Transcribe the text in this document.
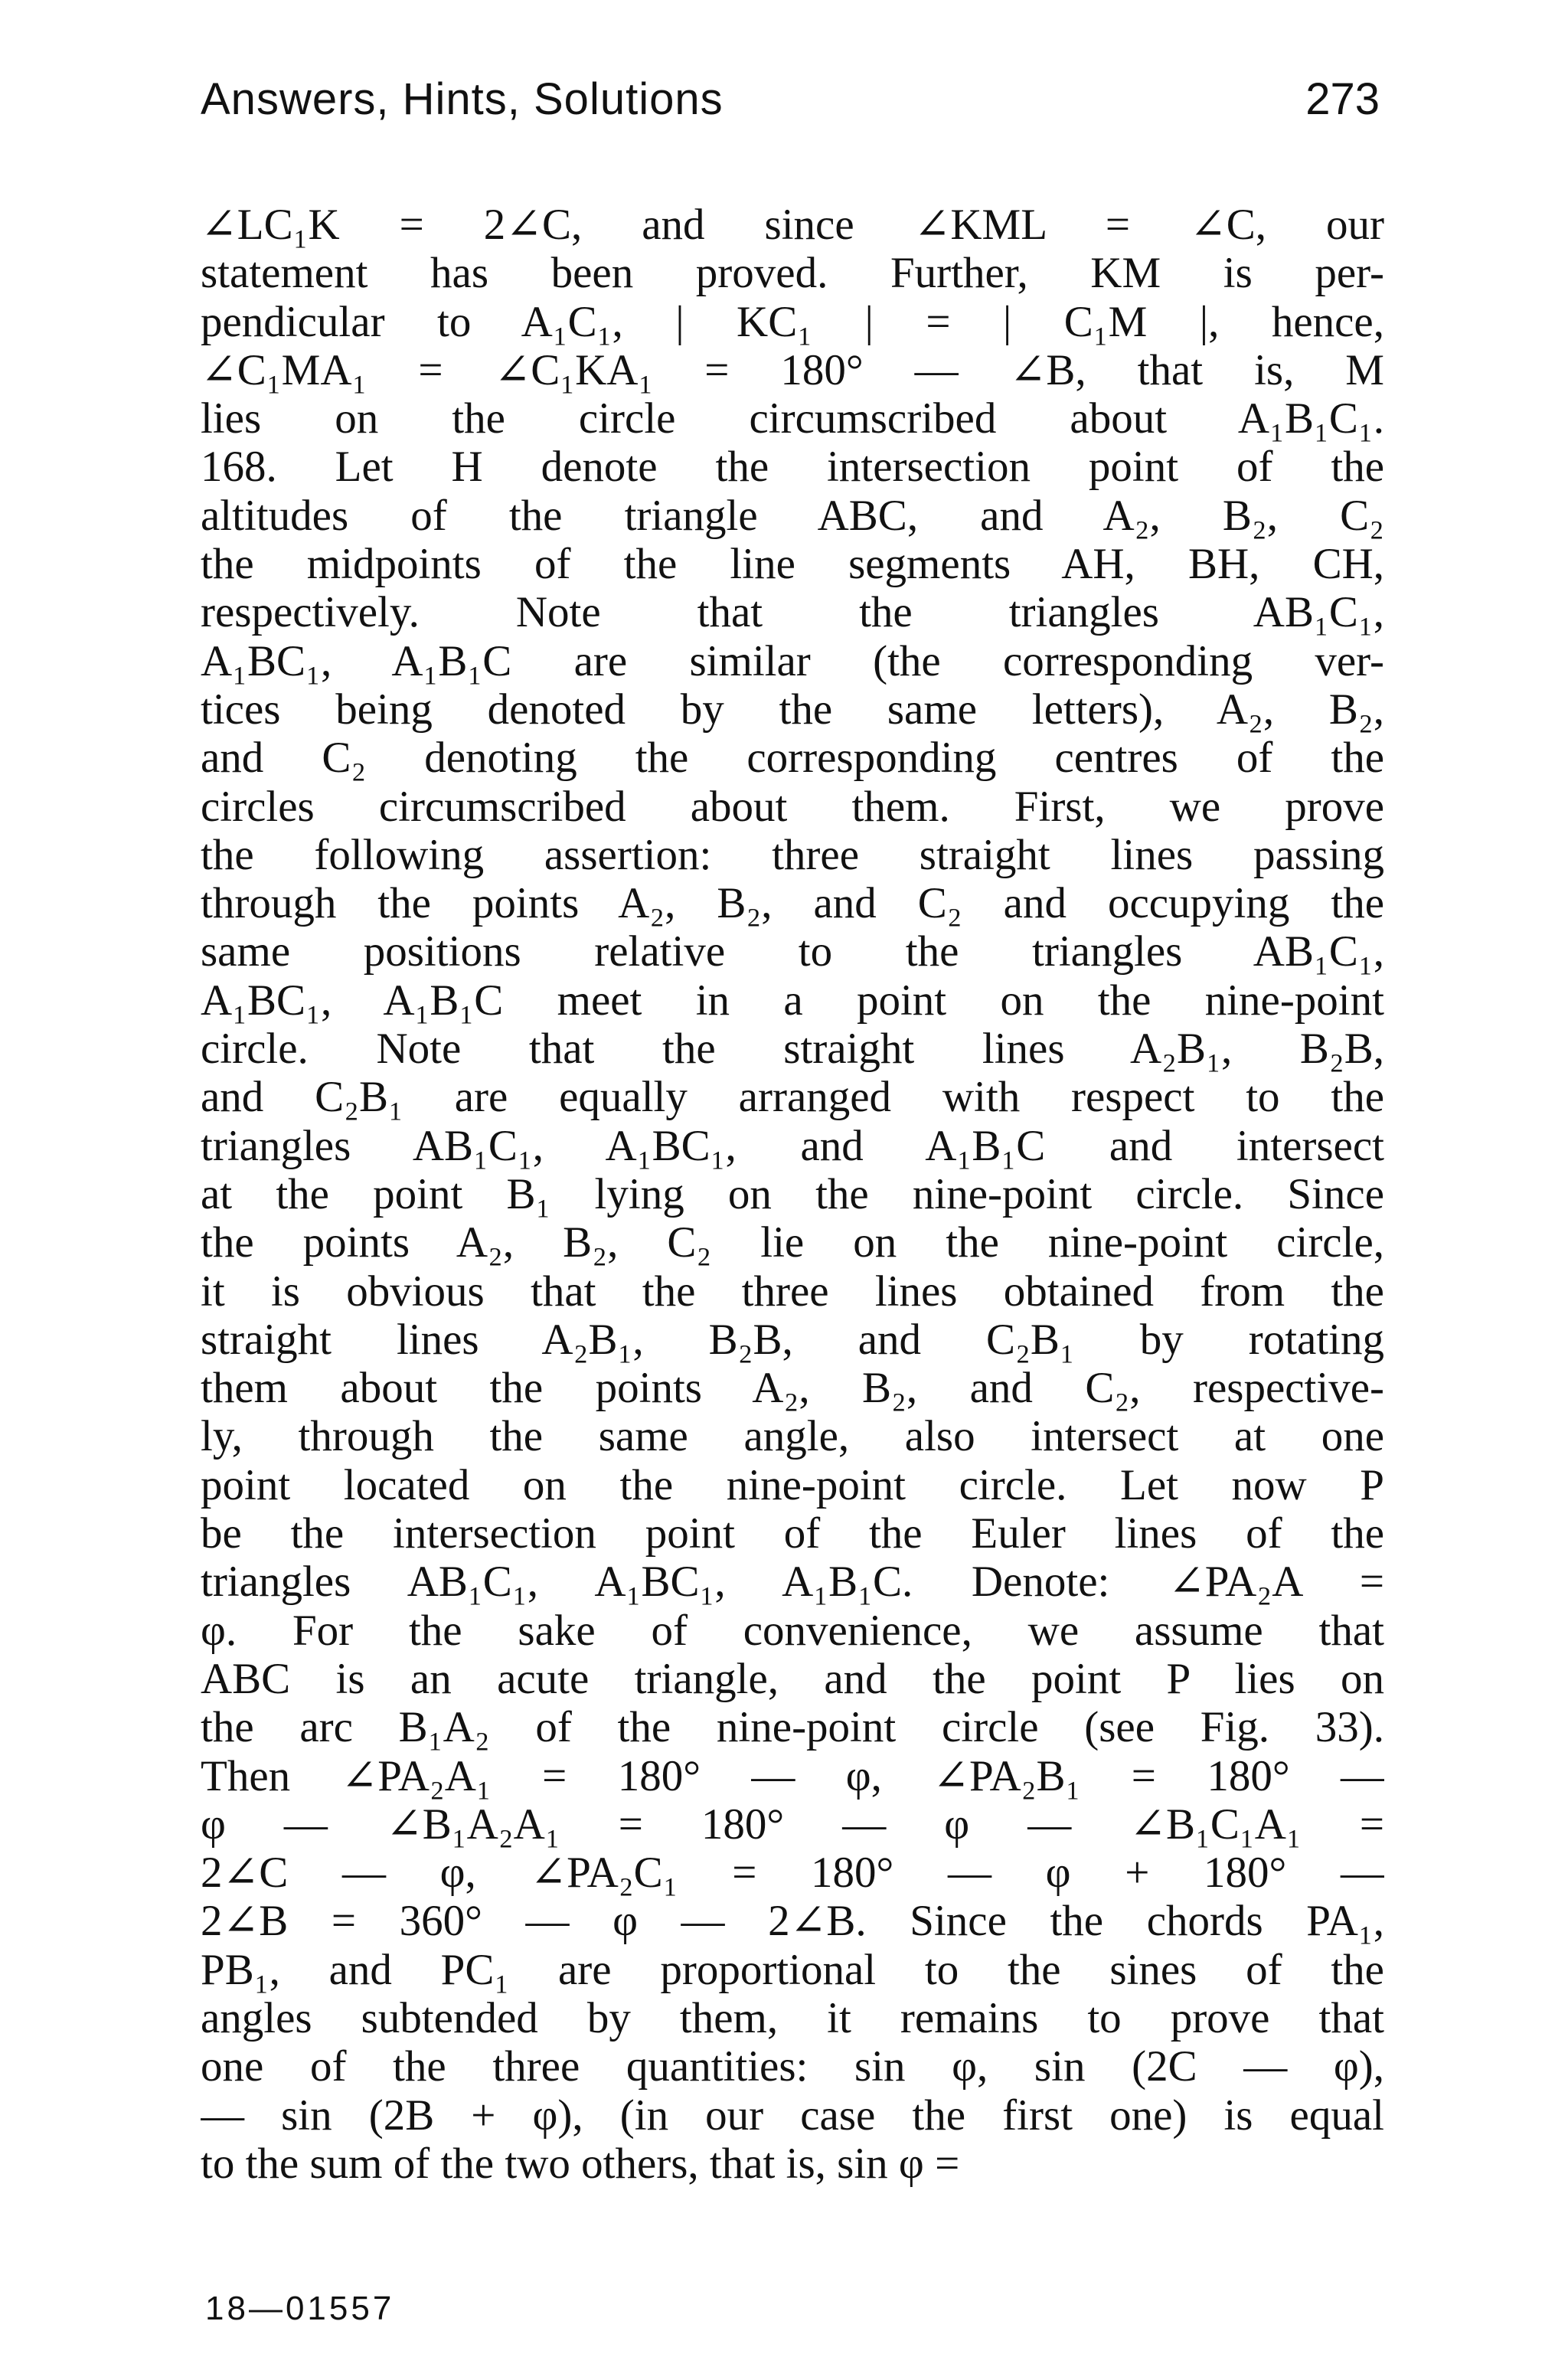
Answers, Hints, Solutions	273
∠LC₁K = 2∠C, and since ∠KML = ∠C, our
statement has been proved. Further, KM is per-
pendicular to A₁C₁, | KC₁ | = | C₁M |, hence,
∠C₁MA₁ = ∠C₁KA₁ = 180° — ∠B, that is, M
lies on the circle circumscribed about A₁B₁C₁.
168. Let H denote the intersection point of the
altitudes of the triangle ABC, and A₂, B₂, C₂
the midpoints of the line segments AH, BH, CH,
respectively. Note that the triangles AB₁C₁,
A₁BC₁, A₁B₁C are similar (the corresponding ver-
tices being denoted by the same letters), A₂, B₂,
and C₂ denoting the corresponding centres of the
circles circumscribed about them. First, we prove
the following assertion: three straight lines passing
through the points A₂, B₂, and C₂ and occupying the
same positions relative to the triangles AB₁C₁,
A₁BC₁, A₁B₁C meet in a point on the nine-point
circle. Note that the straight lines A₂B₁, B₂B,
and C₂B₁ are equally arranged with respect to the
triangles AB₁C₁, A₁BC₁, and A₁B₁C and intersect
at the point B₁ lying on the nine-point circle. Since
the points A₂, B₂, C₂ lie on the nine-point circle,
it is obvious that the three lines obtained from the
straight lines A₂B₁, B₂B, and C₂B₁ by rotating
them about the points A₂, B₂, and C₂, respective-
ly, through the same angle, also intersect at one
point located on the nine-point circle. Let now P
be the intersection point of the Euler lines of the
triangles AB₁C₁, A₁BC₁, A₁B₁C. Denote: ∠PA₂A =
φ. For the sake of convenience, we assume that
ABC is an acute triangle, and the point P lies on
the arc B₁A₂ of the nine-point circle (see Fig. 33).
Then ∠PA₂A₁ = 180° — φ, ∠PA₂B₁ = 180° —
φ — ∠B₁A₂A₁ = 180° — φ — ∠B₁C₁A₁ =
2∠C — φ, ∠PA₂C₁ = 180° — φ + 180° —
2∠B = 360° — φ — 2∠B. Since the chords PA₁,
PB₁, and PC₁ are proportional to the sines of the
angles subtended by them, it remains to prove that
one of the three quantities: sin φ, sin (2C — φ),
— sin (2B + φ), (in our case the first one) is equal
to the sum of the two others, that is, sin φ =
18—01557
